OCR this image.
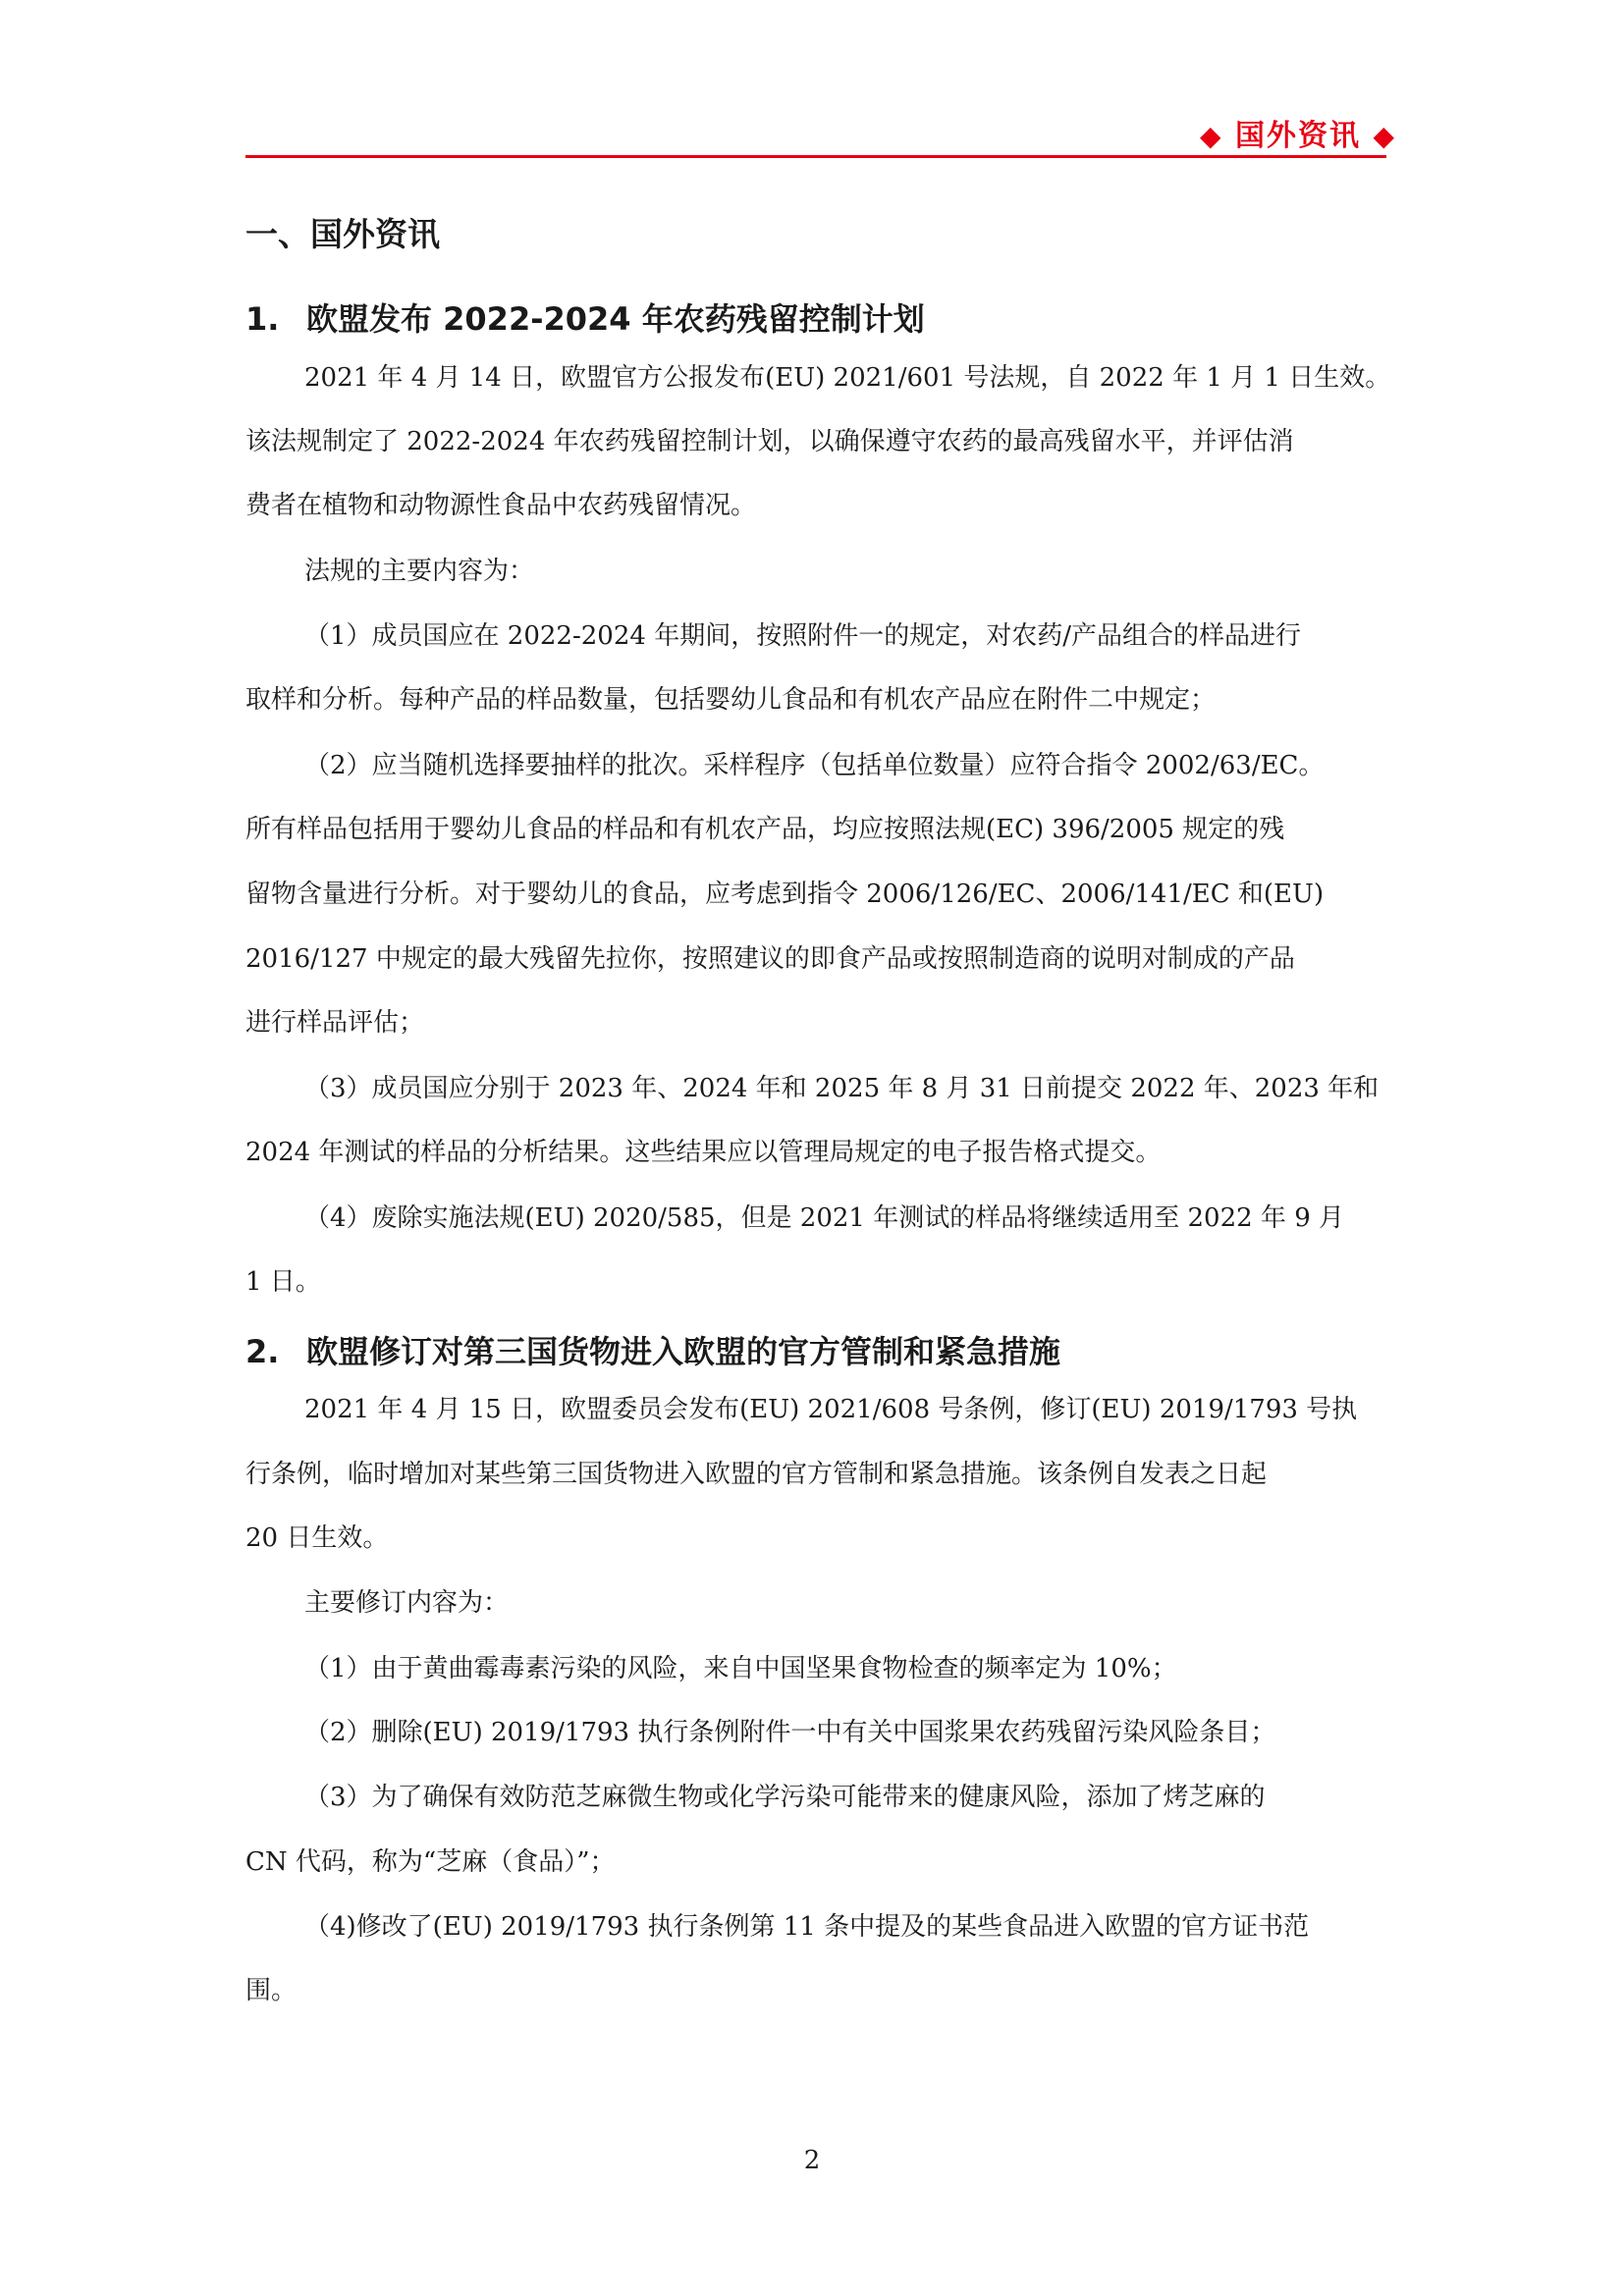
◆ 国外资讯 ◆
一、国外资讯
1. 欧盟发布 2022-2024 年农药残留控制计划
2021 年 4 月 14 日，欧盟官方公报发布(EU) 2021/601 号法规，自 2022 年 1 月 1 日生效。
该法规制定了 2022-2024 年农药残留控制计划，以确保遵守农药的最高残留水平，并评估消
费者在植物和动物源性食品中农药残留情况。
法规的主要内容为：
（1）成员国应在 2022-2024 年期间，按照附件一的规定，对农药/产品组合的样品进行
取样和分析。每种产品的样品数量，包括婴幼儿食品和有机农产品应在附件二中规定；
（2）应当随机选择要抽样的批次。采样程序（包括单位数量）应符合指令 2002/63/EC。
所有样品包括用于婴幼儿食品的样品和有机农产品，均应按照法规(EC) 396/2005 规定的残
留物含量进行分析。对于婴幼儿的食品，应考虑到指令 2006/126/EC、2006/141/EC 和(EU)
2016/127 中规定的最大残留先拉你，按照建议的即食产品或按照制造商的说明对制成的产品
进行样品评估；
（3）成员国应分别于 2023 年、2024 年和 2025 年 8 月 31 日前提交 2022 年、2023 年和
2024 年测试的样品的分析结果。这些结果应以管理局规定的电子报告格式提交。
（4）废除实施法规(EU) 2020/585，但是 2021 年测试的样品将继续适用至 2022 年 9 月
1 日。
2. 欧盟修订对第三国货物进入欧盟的官方管制和紧急措施
2021 年 4 月 15 日，欧盟委员会发布(EU) 2021/608 号条例，修订(EU) 2019/1793 号执
行条例，临时增加对某些第三国货物进入欧盟的官方管制和紧急措施。该条例自发表之日起
20 日生效。
主要修订内容为：
（1）由于黄曲霉毒素污染的风险，来自中国坚果食物检查的频率定为 10%；
（2）删除(EU) 2019/1793 执行条例附件一中有关中国浆果农药残留污染风险条目；
（3）为了确保有效防范芝麻微生物或化学污染可能带来的健康风险，添加了烤芝麻的
CN 代码，称为“芝麻（食品）”；
（4)修改了(EU) 2019/1793 执行条例第 11 条中提及的某些食品进入欧盟的官方证书范
围。
2
